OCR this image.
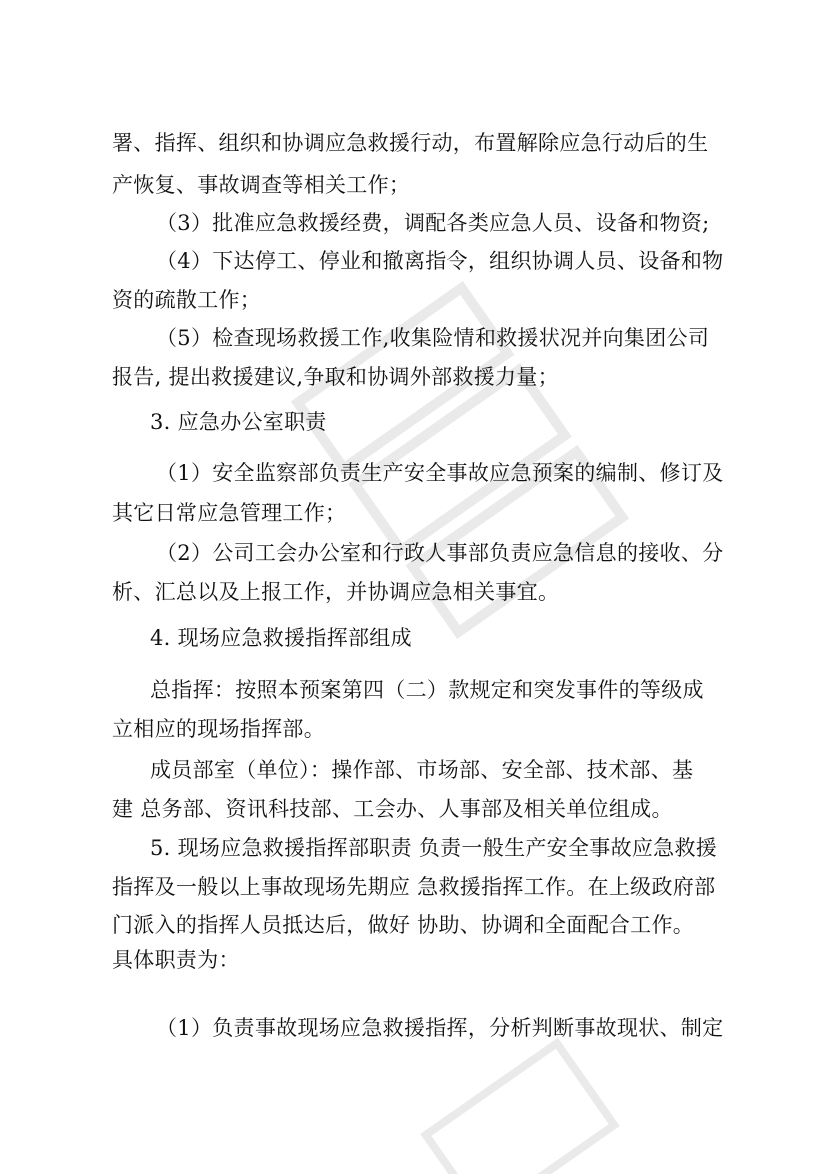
署、指挥、组织和协调应急救援行动，布置解除应急行动后的生
产恢复、事故调查等相关工作；
（3）批准应急救援经费，调配各类应急人员、设备和物资;
（4）下达停工、停业和撤离指令，组织协调人员、设备和物
资的疏散工作；
（5）检查现场救援工作,收集险情和救援状况并向集团公司
报告, 提出救援建议,争取和协调外部救援力量；
3. 应急办公室职责
（1）安全监察部负责生产安全事故应急预案的编制、修订及
其它日常应急管理工作；
（2）公司工会办公室和行政人事部负责应急信息的接收、分
析、汇总以及上报工作，并协调应急相关事宜。
4. 现场应急救援指挥部组成
总指挥：按照本预案第四（二）款规定和突发事件的等级成
立相应的现场指挥部。
成员部室（单位）：操作部、市场部、安全部、技术部、基
建 总务部、资讯科技部、工会办、人事部及相关单位组成。
5. 现场应急救援指挥部职责 负责一般生产安全事故应急救援
指挥及一般以上事故现场先期应 急救援指挥工作。在上级政府部
门派入的指挥人员抵达后，做好 协助、协调和全面配合工作。
具体职责为：
（1）负责事故现场应急救援指挥，分析判断事故现状、制定
